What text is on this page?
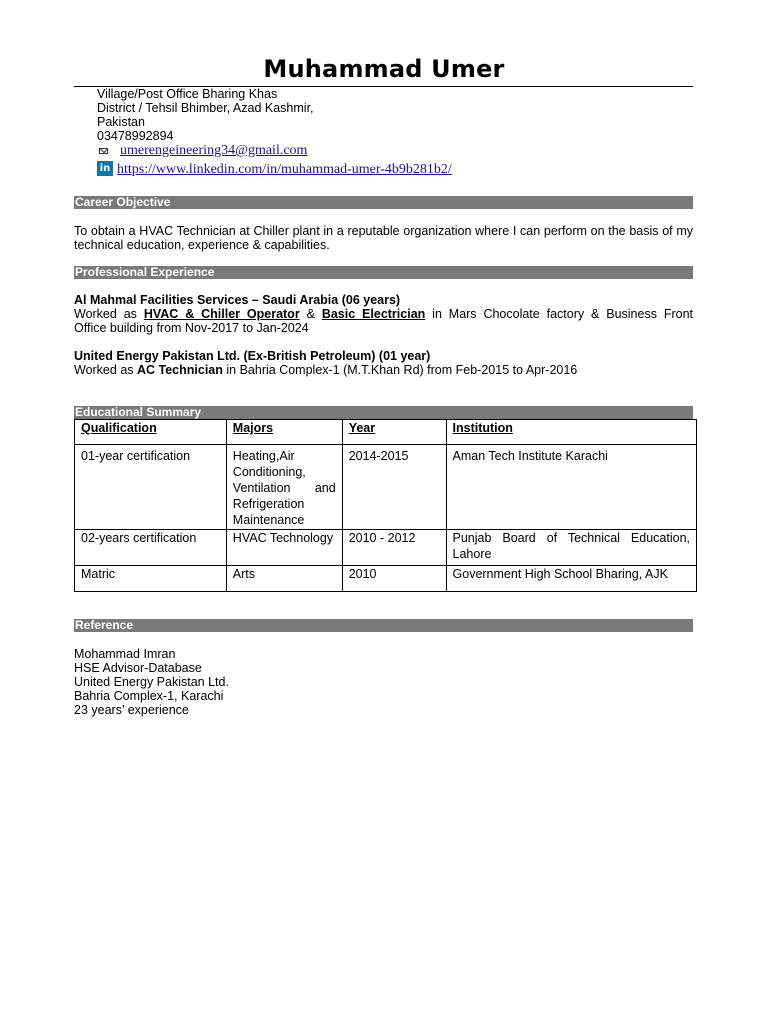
Muhammad Umer
Village/Post Office Bharing Khas
District / Tehsil Bhimber, Azad Kashmir,
Pakistan
03478992894
umerengeineering34@gmail.com
in https://www.linkedin.com/in/muhammad-umer-4b9b281b2/
Career Objective
To obtain a HVAC Technician at Chiller plant in a reputable organization where I can perform on the basis of my technical education, experience & capabilities.
Professional Experience
Al Mahmal Facilities Services – Saudi Arabia (06 years)
Worked as HVAC & Chiller Operator & Basic Electrician in Mars Chocolate factory & Business Front
Office building from Nov-2017 to Jan-2024
United Energy Pakistan Ltd. (Ex-British Petroleum) (01 year)
Worked as AC Technician in Bahria Complex-1 (M.T.Khan Rd) from Feb-2015 to Apr-2016
Educational Summary
Qualification	Majors	Year	Institution
01-year certification	Heating,Air Conditioning, Ventilation and Refrigeration Maintenance	2014-2015	Aman Tech Institute Karachi
02-years certification	HVAC Technology	2010 - 2012	Punjab Board of Technical Education, Lahore
Matric	Arts	2010	Government High School Bharing, AJK
Reference
Mohammad Imran
HSE Advisor-Database
United Energy Pakistan Ltd.
Bahria Complex-1, Karachi
23 years’ experience
